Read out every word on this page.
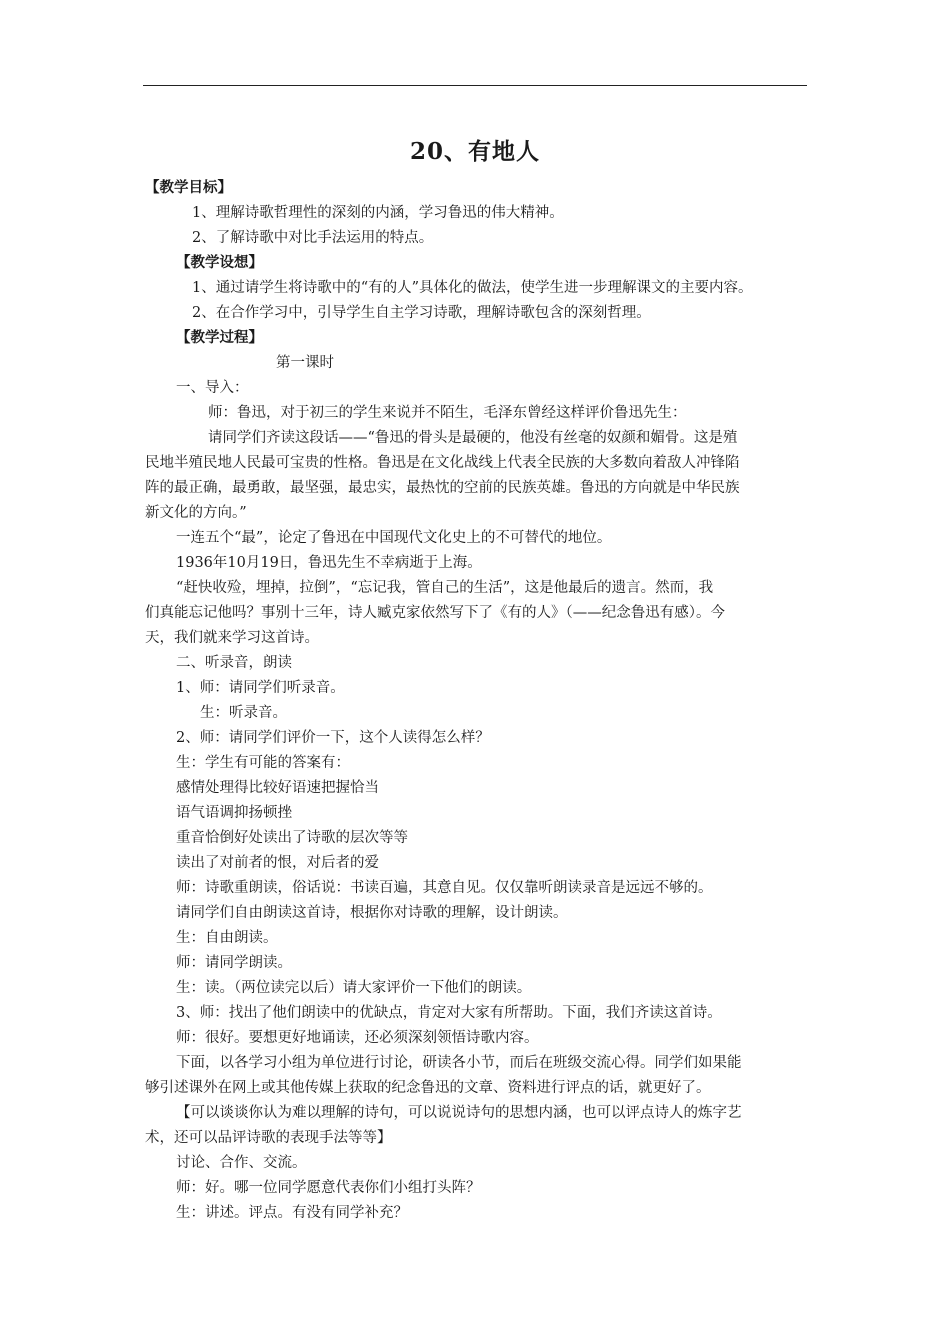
20、有地人
【教学目标】
1、理解诗歌哲理性的深刻的内涵，学习鲁迅的伟大精神。
2、了解诗歌中对比手法运用的特点。
【教学设想】
1、通过请学生将诗歌中的“有的人”具体化的做法，使学生进一步理解课文的主要内容。
2、在合作学习中，引导学生自主学习诗歌，理解诗歌包含的深刻哲理。
【教学过程】
第一课时
一、导入：
师：鲁迅，对于初三的学生来说并不陌生，毛泽东曾经这样评价鲁迅先生：
请同学们齐读这段话——“鲁迅的骨头是最硬的，他没有丝毫的奴颜和媚骨。这是殖
民地半殖民地人民最可宝贵的性格。鲁迅是在文化战线上代表全民族的大多数向着敌人冲锋陷
阵的最正确，最勇敢，最坚强，最忠实，最热忱的空前的民族英雄。鲁迅的方向就是中华民族
新文化的方向。”
一连五个“最”，论定了鲁迅在中国现代文化史上的不可替代的地位。
1936年10月19日，鲁迅先生不幸病逝于上海。
“赶快收殓，埋掉，拉倒”，“忘记我，管自己的生活”，这是他最后的遗言。然而，我
们真能忘记他吗？事别十三年，诗人臧克家依然写下了《有的人》（——纪念鲁迅有感）。今
天，我们就来学习这首诗。
二、听录音，朗读
1、师：请同学们听录音。
生：听录音。
2、师：请同学们评价一下，这个人读得怎么样？
生：学生有可能的答案有：
感情处理得比较好语速把握恰当
语气语调抑扬顿挫
重音恰倒好处读出了诗歌的层次等等
读出了对前者的恨，对后者的爱
师：诗歌重朗读，俗话说：书读百遍，其意自见。仅仅靠听朗读录音是远远不够的。
请同学们自由朗读这首诗，根据你对诗歌的理解，设计朗读。
生：自由朗读。
师：请同学朗读。
生：读。（两位读完以后）请大家评价一下他们的朗读。
3、师：找出了他们朗读中的优缺点，肯定对大家有所帮助。下面，我们齐读这首诗。
师：很好。要想更好地诵读，还必须深刻领悟诗歌内容。
下面，以各学习小组为单位进行讨论，研读各小节，而后在班级交流心得。同学们如果能
够引述课外在网上或其他传媒上获取的纪念鲁迅的文章、资料进行评点的话，就更好了。
【可以谈谈你认为难以理解的诗句，可以说说诗句的思想内涵，也可以评点诗人的炼字艺
术，还可以品评诗歌的表现手法等等】
讨论、合作、交流。
师：好。哪一位同学愿意代表你们小组打头阵？
生：讲述。评点。有没有同学补充？
